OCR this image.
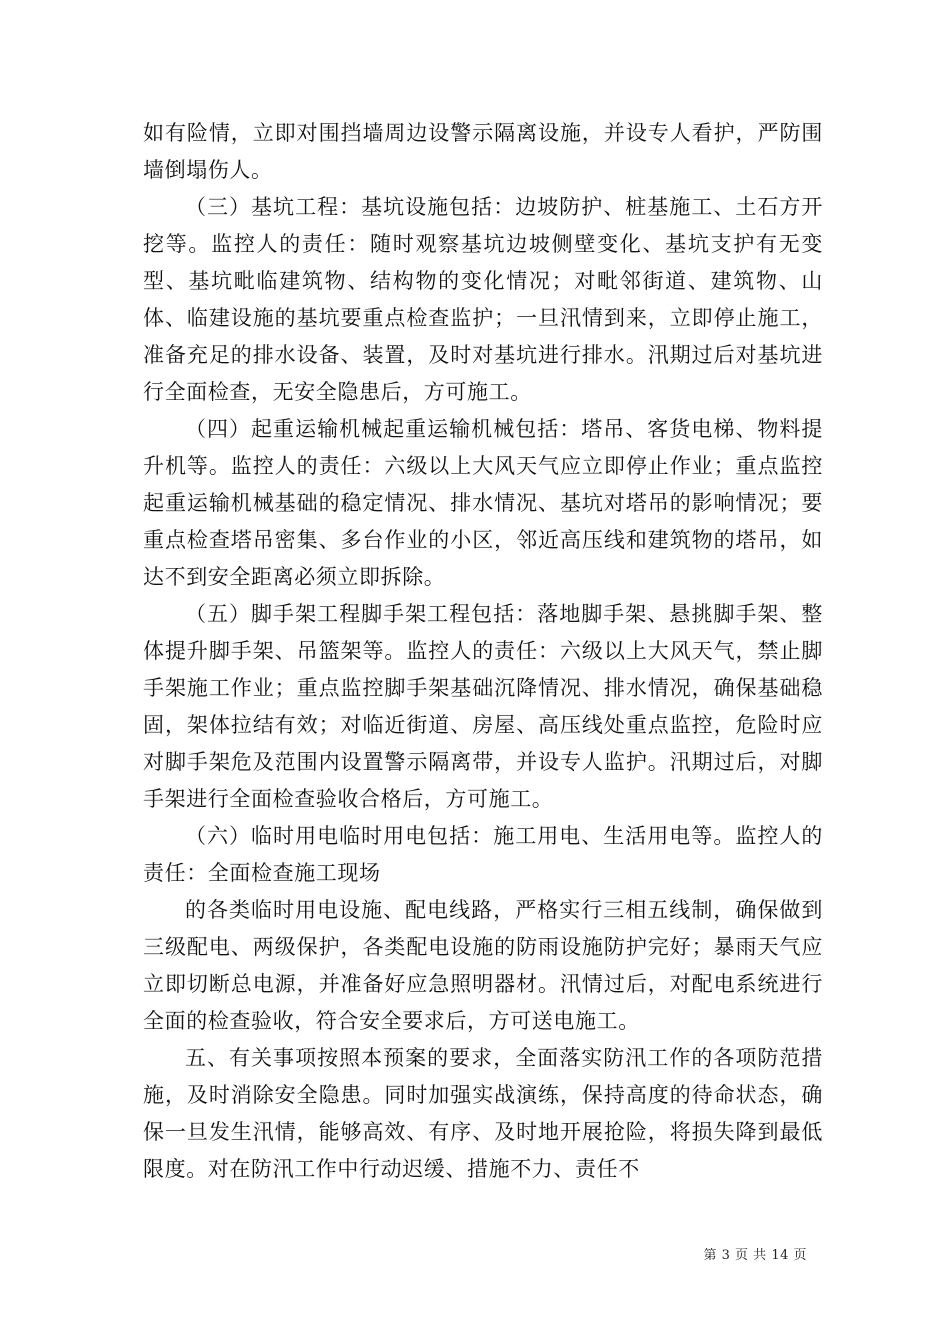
如有险情，立即对围挡墙周边设警示隔离设施，并设专人看护，严防围墙倒塌伤人。

（三）基坑工程：基坑设施包括：边坡防护、桩基施工、土石方开挖等。监控人的责任：随时观察基坑边坡侧壁变化、基坑支护有无变型、基坑毗临建筑物、结构物的变化情况；对毗邻街道、建筑物、山体、临建设施的基坑要重点检查监护；一旦汛情到来，立即停止施工，准备充足的排水设备、装置，及时对基坑进行排水。汛期过后对基坑进行全面检查，无安全隐患后，方可施工。

（四）起重运输机械起重运输机械包括：塔吊、客货电梯、物料提升机等。监控人的责任：六级以上大风天气应立即停止作业；重点监控起重运输机械基础的稳定情况、排水情况、基坑对塔吊的影响情况；要重点检查塔吊密集、多台作业的小区，邻近高压线和建筑物的塔吊，如达不到安全距离必须立即拆除。

（五）脚手架工程脚手架工程包括：落地脚手架、悬挑脚手架、整体提升脚手架、吊篮架等。监控人的责任：六级以上大风天气，禁止脚手架施工作业；重点监控脚手架基础沉降情况、排水情况，确保基础稳固，架体拉结有效；对临近街道、房屋、高压线处重点监控，危险时应对脚手架危及范围内设置警示隔离带，并设专人监护。汛期过后，对脚手架进行全面检查验收合格后，方可施工。

（六）临时用电临时用电包括：施工用电、生活用电等。监控人的责任：全面检查施工现场

的各类临时用电设施、配电线路，严格实行三相五线制，确保做到三级配电、两级保护，各类配电设施的防雨设施防护完好；暴雨天气应立即切断总电源，并准备好应急照明器材。汛情过后，对配电系统进行全面的检查验收，符合安全要求后，方可送电施工。

五、有关事项按照本预案的要求，全面落实防汛工作的各项防范措施，及时消除安全隐患。同时加强实战演练，保持高度的待命状态，确保一旦发生汛情，能够高效、有序、及时地开展抢险，将损失降到最低限度。对在防汛工作中行动迟缓、措施不力、责任不

第 3 页 共 14 页
